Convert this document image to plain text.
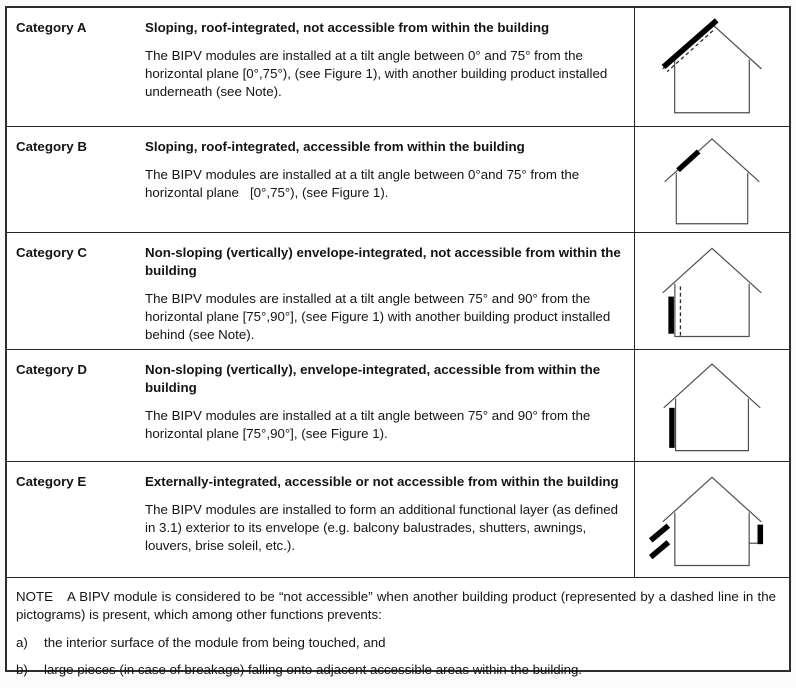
Category A	Sloping, roof-integrated, not accessible from within the building

The BIPV modules are installed at a tilt angle between 0° and 75° from the horizontal plane [0°,75°), (see Figure 1), with another building product installed underneath (see Note).

Category B	Sloping, roof-integrated, accessible from within the building

The BIPV modules are installed at a tilt angle between 0°and 75° from the horizontal plane   [0°,75°), (see Figure 1).

Category C	Non-sloping (vertically) envelope-integrated, not accessible from within the building

The BIPV modules are installed at a tilt angle between 75° and 90° from the horizontal plane [75°,90°], (see Figure 1) with another building product installed behind (see Note).

Category D	Non-sloping (vertically), envelope-integrated, accessible from within the building

The BIPV modules are installed at a tilt angle between 75° and 90° from the horizontal plane [75°,90°], (see Figure 1).

Category E	Externally-integrated, accessible or not accessible from within the building

The BIPV modules are installed to form an additional functional layer (as defined in 3.1) exterior to its envelope (e.g. balcony balustrades, shutters, awnings, louvers, brise soleil, etc.).

NOTE A BIPV module is considered to be “not accessible” when another building product (represented by a dashed line in the pictograms) is present, which among other functions prevents:

a)	the interior surface of the module from being touched, and
b)	large pieces (in case of breakage) falling onto adjacent accessible areas within the building.
